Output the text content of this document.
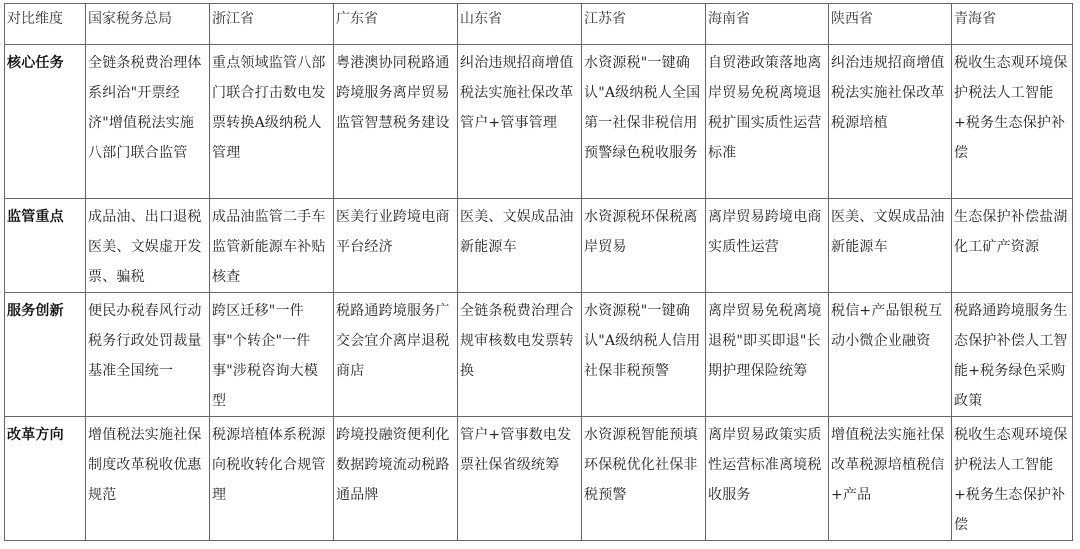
对比维度	国家税务总局	浙江省	广东省	山东省	江苏省	海南省	陕西省	青海省
核心任务	全链条税费治理体系纠治"开票经济"增值税法实施八部门联合监管	重点领域监管八部门联合打击数电发票转换A级纳税人管理	粤港澳协同税路通跨境服务离岸贸易监管智慧税务建设	纠治违规招商增值税法实施社保改革管户+管事管理	水资源税"一键确认"A级纳税人全国第一社保非税信用预警绿色税收服务	自贸港政策落地离岸贸易免税离境退税扩围实质性运营标准	纠治违规招商增值税法实施社保改革税源培植	税收生态观环境保护税法人工智能+税务生态保护补偿
监管重点	成品油、出口退税医美、文娱虚开发票、骗税	成品油监管二手车监管新能源车补贴核查	医美行业跨境电商平台经济	医美、文娱成品油新能源车	水资源税环保税离岸贸易	离岸贸易跨境电商实质性运营	医美、文娱成品油新能源车	生态保护补偿盐湖化工矿产资源
服务创新	便民办税春风行动税务行政处罚裁量基准全国统一	跨区迁移"一件事"个转企"一件事"涉税咨询大模型	税路通跨境服务广交会宜介离岸退税商店	全链条税费治理合规审核数电发票转换	水资源税"一键确认"A级纳税人信用社保非税预警	离岸贸易免税离境退税"即买即退"长期护理保险统筹	税信+产品银税互动小微企业融资	税路通跨境服务生态保护补偿人工智能+税务绿色采购政策
改革方向	增值税法实施社保制度改革税收优惠规范	税源培植体系税源向税收转化合规管理	跨境投融资便利化数据跨境流动税路通品牌	管户+管事数电发票社保省级统筹	水资源税智能预填环保税优化社保非税预警	离岸贸易政策实质性运营标准离境税收服务	增值税法实施社保改革税源培植税信+产品	税收生态观环境保护税法人工智能+税务生态保护补偿
